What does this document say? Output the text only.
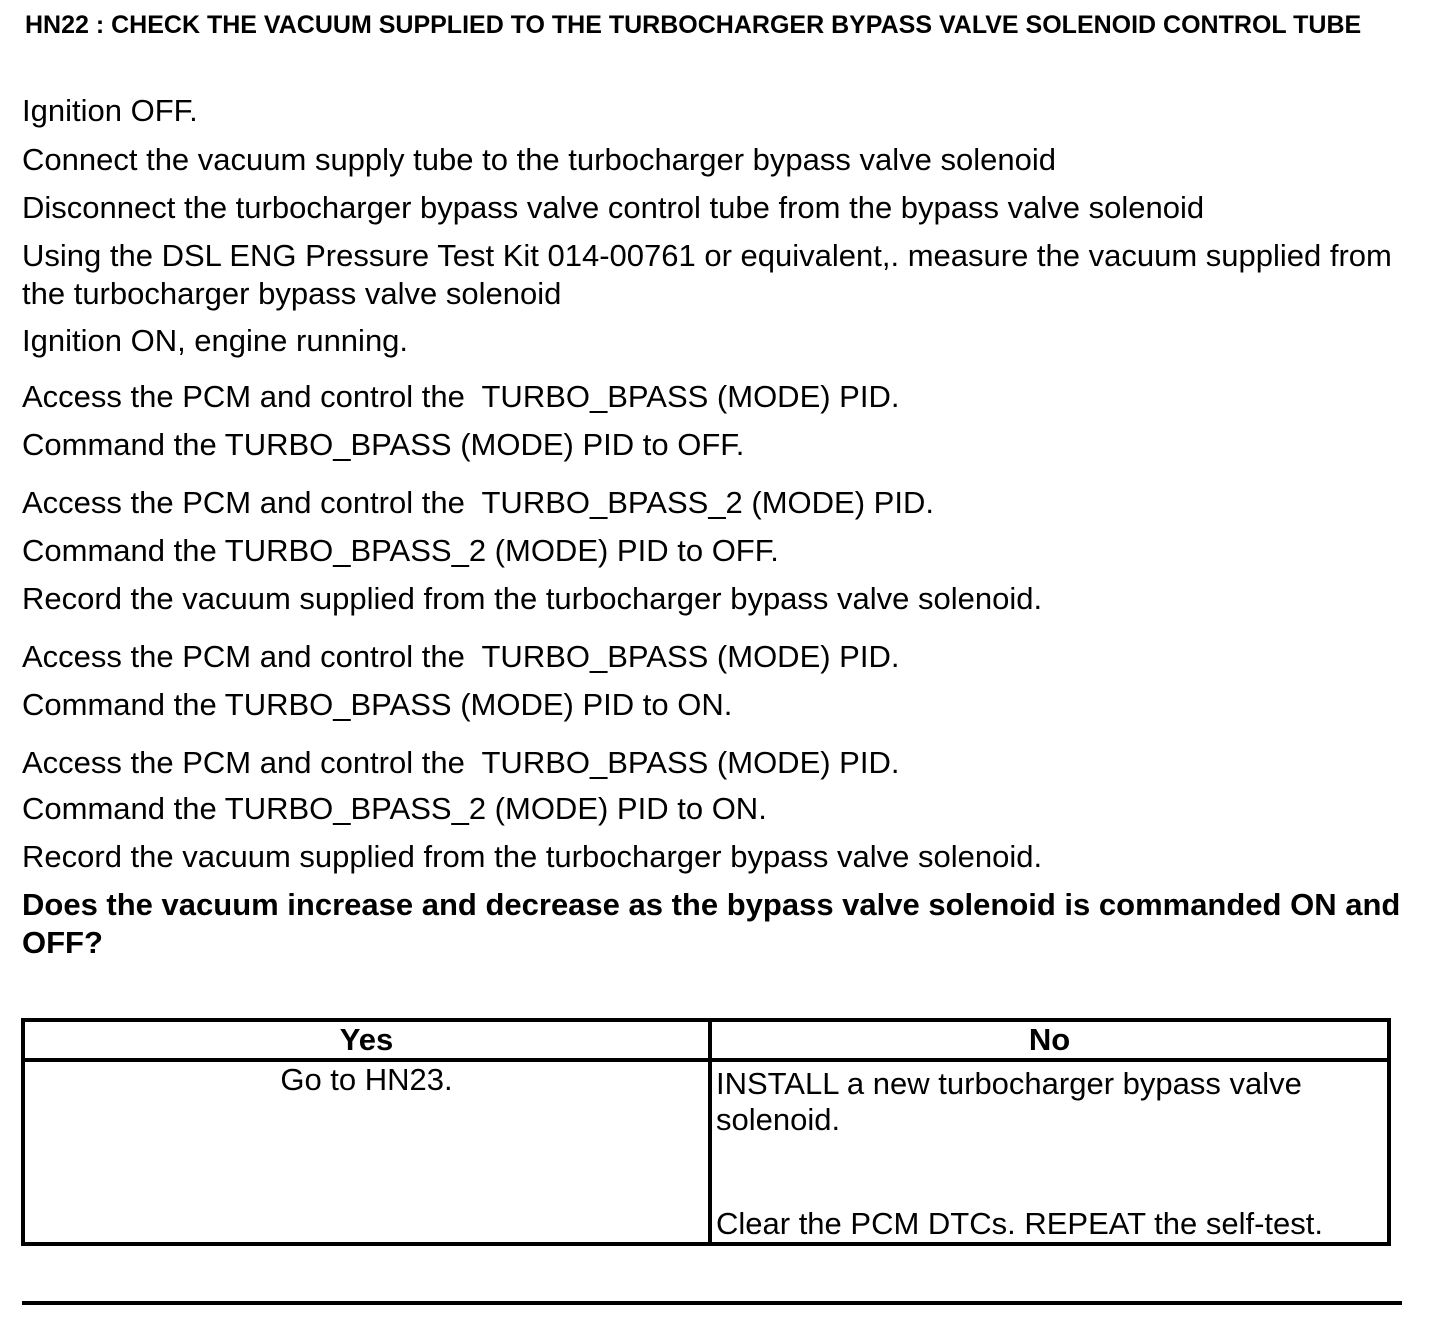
HN22 : CHECK THE VACUUM SUPPLIED TO THE TURBOCHARGER BYPASS VALVE SOLENOID CONTROL TUBE
Ignition OFF.
Connect the vacuum supply tube to the turbocharger bypass valve solenoid
Disconnect the turbocharger bypass valve control tube from the bypass valve solenoid
Using the DSL ENG Pressure Test Kit 014-00761 or equivalent,. measure the vacuum supplied from the turbocharger bypass valve solenoid
Ignition ON, engine running.
Access the PCM and control the  TURBO_BPASS (MODE) PID.
Command the TURBO_BPASS (MODE) PID to OFF.
Access the PCM and control the  TURBO_BPASS_2 (MODE) PID.
Command the TURBO_BPASS_2 (MODE) PID to OFF.
Record the vacuum supplied from the turbocharger bypass valve solenoid.
Access the PCM and control the  TURBO_BPASS (MODE) PID.
Command the TURBO_BPASS (MODE) PID to ON.
Access the PCM and control the  TURBO_BPASS (MODE) PID.
Command the TURBO_BPASS_2 (MODE) PID to ON.
Record the vacuum supplied from the turbocharger bypass valve solenoid.
Does the vacuum increase and decrease as the bypass valve solenoid is commanded ON and OFF?
Yes	No
Go to HN23.	INSTALL a new turbocharger bypass valve solenoid.
Clear the PCM DTCs. REPEAT the self-test.
